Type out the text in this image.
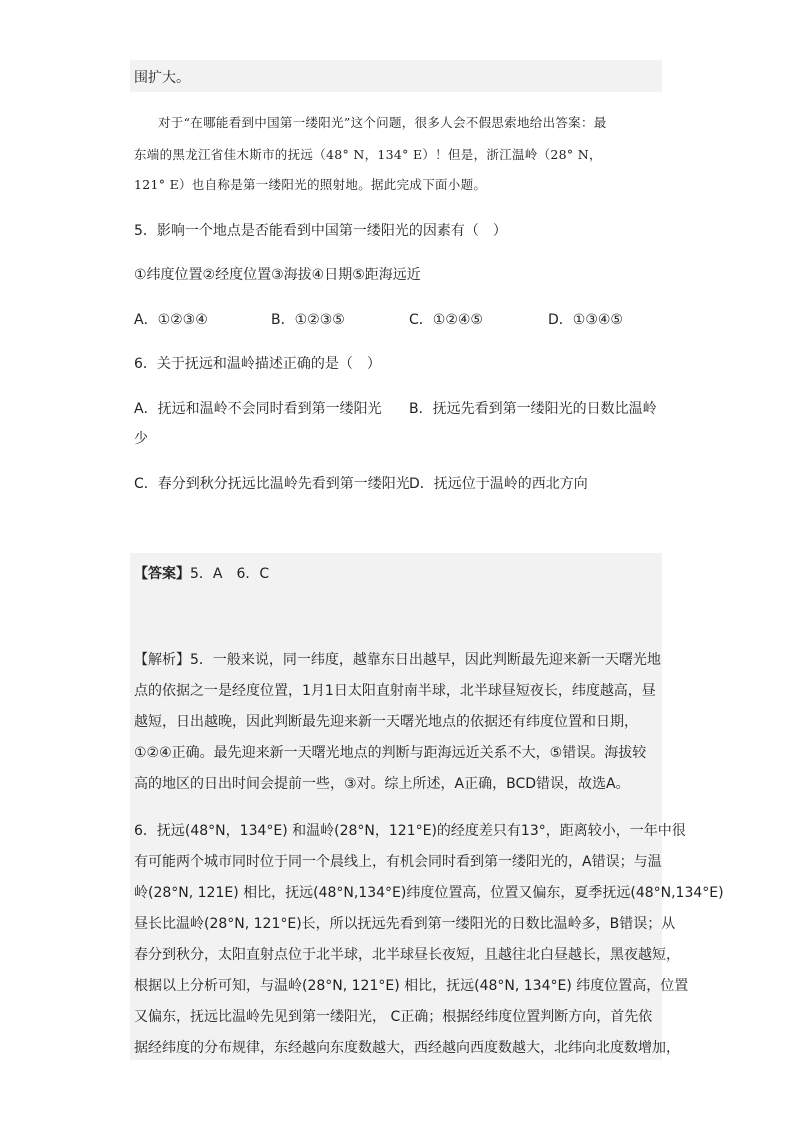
围扩大。
对于“在哪能看到中国第一缕阳光”这个问题，很多人会不假思索地给出答案：最
东端的黑龙江省佳木斯市的抚远（48° N，134° E）！但是，浙江温岭（28° N，
121° E）也自称是第一缕阳光的照射地。据此完成下面小题。
5．影响一个地点是否能看到中国第一缕阳光的因素有（　）
①纬度位置②经度位置③海拔④日期⑤距海远近
A．①②③④	B．①②③⑤	C．①②④⑤	D．①③④⑤
6．关于抚远和温岭描述正确的是（　）
A．抚远和温岭不会同时看到第一缕阳光 B．抚远先看到第一缕阳光的日数比温岭
少
C．春分到秋分抚远比温岭先看到第一缕阳光 D．抚远位于温岭的西北方向
【答案】5．A　6．C
【解析】5．一般来说，同一纬度，越靠东日出越早，因此判断最先迎来新一天曙光地
点的依据之一是经度位置，1月1日太阳直射南半球，北半球昼短夜长，纬度越高，昼
越短，日出越晚，因此判断最先迎来新一天曙光地点的依据还有纬度位置和日期，
①②④正确。最先迎来新一天曙光地点的判断与距海远近关系不大，⑤错误。海拔较
高的地区的日出时间会提前一些，③对。综上所述，A正确，BCD错误，故选A。
6．抚远(48°N，134°E) 和温岭(28°N，121°E)的经度差只有13°，距离较小，一年中很
有可能两个城市同时位于同一个晨线上，有机会同时看到第一缕阳光的，A错误；与温
岭(28°N, 121E) 相比，抚远(48°N,134°E)纬度位置高，位置又偏东，夏季抚远(48°N,134°E)
昼长比温岭(28°N, 121°E)长，所以抚远先看到第一缕阳光的日数比温岭多，B错误；从
春分到秋分，太阳直射点位于北半球，北半球昼长夜短，且越往北白昼越长，黑夜越短，
根据以上分析可知，与温岭(28°N, 121°E) 相比，抚远(48°N, 134°E) 纬度位置高，位置
又偏东，抚远比温岭先见到第一缕阳光， C正确；根据经纬度位置判断方向，首先依
据经纬度的分布规律，东经越向东度数越大，西经越向西度数越大，北纬向北度数增加，
